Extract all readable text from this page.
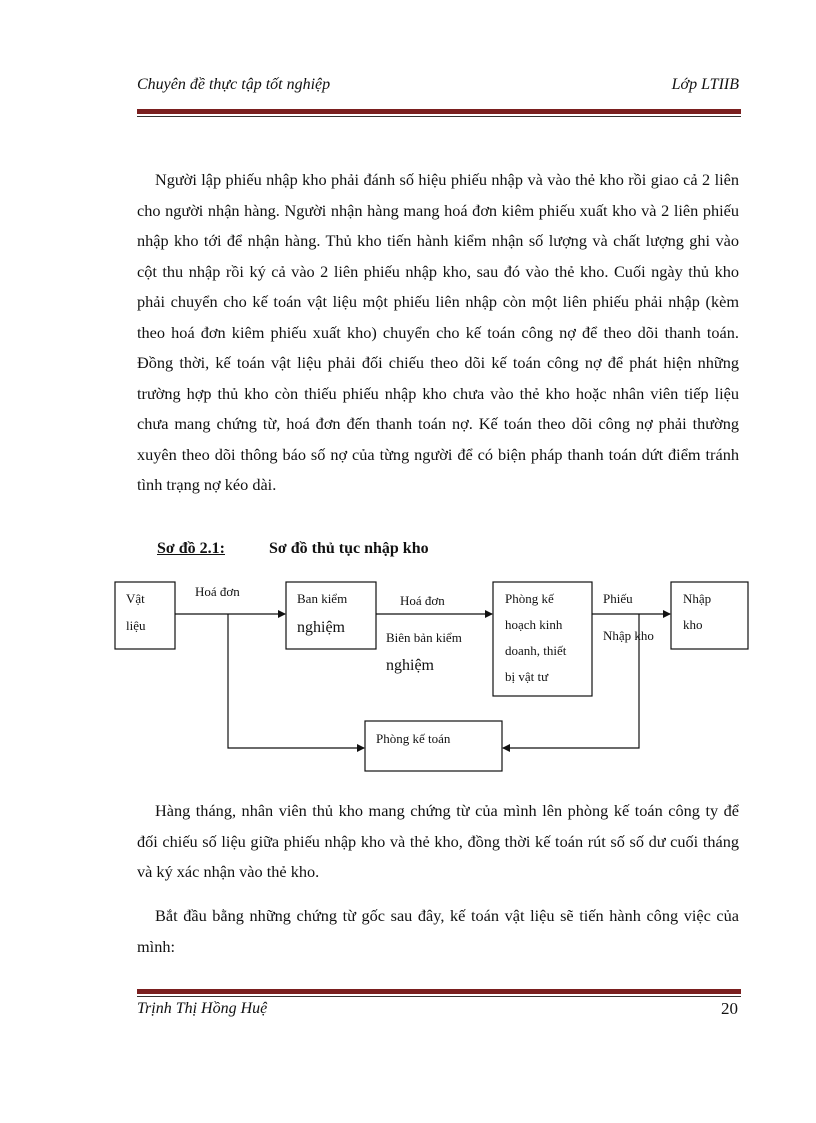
Chuyên đề thực tập tốt nghiệp	Lớp LTIIB
Người lập phiếu nhập kho phải đánh số hiệu phiếu nhập và vào thẻ kho rồi giao cả 2 liên cho người nhận hàng. Người nhận hàng mang hoá đơn kiêm phiếu xuất kho và 2 liên phiếu nhập kho tới để nhận hàng. Thủ kho tiến hành kiểm nhận số lượng và chất lượng ghi vào cột thu nhập rồi ký cả vào 2 liên phiếu nhập kho, sau đó vào thẻ kho. Cuối ngày thủ kho phải chuyển cho kế toán vật liệu một phiếu liên nhập còn một liên phiếu phải nhập (kèm theo hoá đơn kiêm phiếu xuất kho) chuyển cho kế toán công nợ để theo dõi thanh toán. Đồng thời, kế toán vật liệu phải đối chiếu theo dõi kế toán công nợ để phát hiện những trường hợp thủ kho còn thiếu phiếu nhập kho chưa vào thẻ kho hoặc nhân viên tiếp liệu chưa mang chứng từ, hoá đơn đến thanh toán nợ. Kế toán theo dõi công nợ phải thường xuyên theo dõi thông báo số nợ của từng người để có biện pháp thanh toán dứt điểm tránh tình trạng nợ kéo dài.
Sơ đồ 2.1:	Sơ đồ thủ tục nhập kho
Vật
liệu
Ban kiểm
nghiệm
Phòng kế
hoạch kinh
doanh, thiết
bị vật tư
Nhập
kho
Phòng kế toán
Hoá đơn
Hoá đơn
Biên bản kiểm
nghiệm
Phiếu
Nhập kho
Hàng tháng, nhân viên thủ kho mang chứng từ của mình lên phòng kế toán công ty để đối chiếu số liệu giữa phiếu nhập kho và thẻ kho, đồng thời kế toán rút số số dư cuối tháng và ký xác nhận vào thẻ kho.
Bắt đầu bằng những chứng từ gốc sau đây, kế toán vật liệu sẽ tiến hành công việc của mình:
Trịnh Thị Hồng Huệ	20
